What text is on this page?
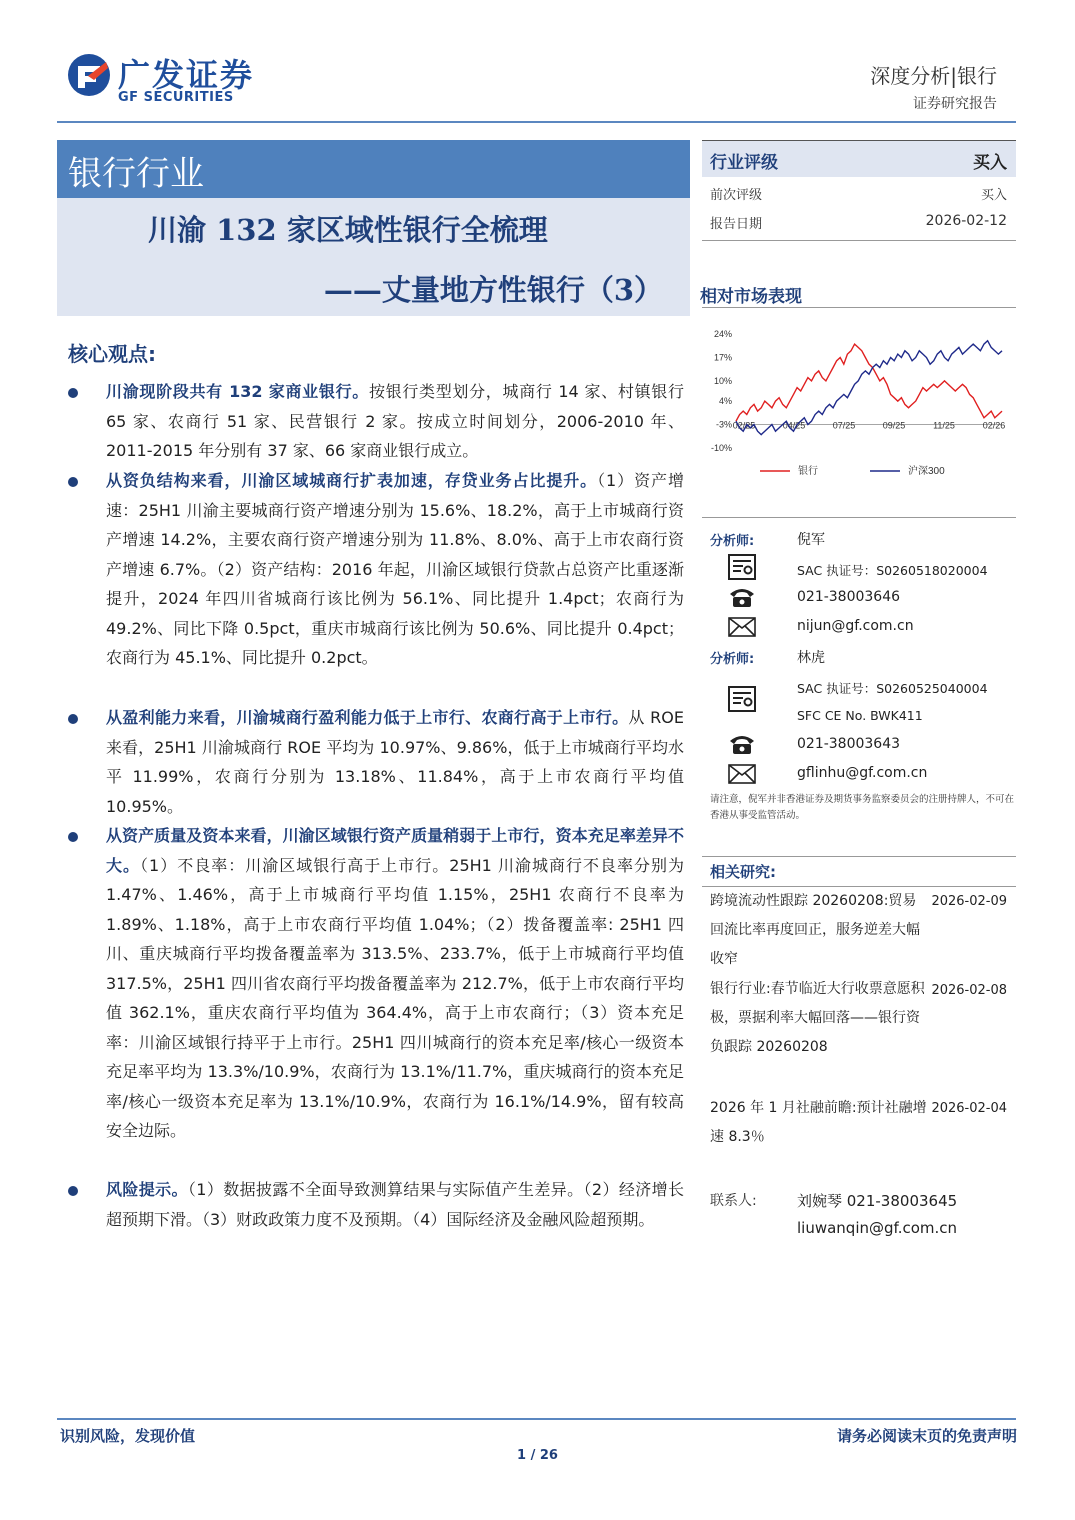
广发证券
GF SECURITIES
深度分析|银行
证券研究报告
银行行业
川渝 132 家区域性银行全梳理
——丈量地方性银行（3）
核心观点:
川渝现阶段共有 132 家商业银行。按银行类型划分，城商行 14 家、村镇银行 65 家、农商行 51 家、民营银行 2 家。按成立时间划分，2006-2010 年、2011-2015 年分别有 37 家、66 家商业银行成立。
从资负结构来看，川渝区域城商行扩表加速，存贷业务占比提升。（1）资产增速：25H1 川渝主要城商行资产增速分别为 15.6%、18.2%，高于上市城商行资产增速 14.2%，主要农商行资产增速分别为 11.8%、8.0%、高于上市农商行资产增速 6.7%。（2）资产结构：2016 年起，川渝区域银行贷款占总资产比重逐渐提升，2024 年四川省城商行该比例为 56.1%、同比提升 1.4pct；农商行为 49.2%、同比下降 0.5pct，重庆市城商行该比例为 50.6%、同比提升 0.4pct；农商行为 45.1%、同比提升 0.2pct。
从盈利能力来看，川渝城商行盈利能力低于上市行、农商行高于上市行。从 ROE 来看，25H1 川渝城商行 ROE 平均为 10.97%、9.86%，低于上市城商行平均水平 11.99%，农商行分别为 13.18%、11.84%，高于上市农商行平均值 10.95%。
从资产质量及资本来看，川渝区域银行资产质量稍弱于上市行，资本充足率差异不大。（1）不良率：川渝区域银行高于上市行。25H1 川渝城商行不良率分别为 1.47%、1.46%，高于上市城商行平均值 1.15%，25H1 农商行不良率为 1.89%、1.18%，高于上市农商行平均值 1.04%；（2）拨备覆盖率: 25H1 四川、重庆城商行平均拨备覆盖率为 313.5%、233.7%，低于上市城商行平均值 317.5%，25H1 四川省农商行平均拨备覆盖率为 212.7%，低于上市农商行平均值 362.1%，重庆农商行平均值为 364.4%，高于上市农商行；（3）资本充足率：川渝区域银行持平于上市行。25H1 四川城商行的资本充足率/核心一级资本充足率平均为 13.3%/10.9%，农商行为 13.1%/11.7%，重庆城商行的资本充足率/核心一级资本充足率为 13.1%/10.9%，农商行为 16.1%/14.9%，留有较高安全边际。
风险提示。（1）数据披露不全面导致测算结果与实际值产生差异。（2）经济增长超预期下滑。（3）财政政策力度不及预期。（4）国际经济及金融风险超预期。
行业评级	买入
前次评级	买入
报告日期	2026-02-12
相对市场表现
24%
17%
10%
4%
-3%
-10%
02/25	04/25	07/25	09/25	11/25	02/26
银行	沪深300
分析师:	倪军
SAC 执证号：S0260518020004
021-38003646
nijun@gf.com.cn
分析师:	林虎
SAC 执证号：S0260525040004
SFC CE No. BWK411
021-38003643
gflinhu@gf.com.cn
请注意，倪军并非香港证券及期货事务监察委员会的注册持牌人，不可在香港从事受监管活动。
相关研究:
跨境流动性跟踪 20260208:贸易回流比率再度回正，服务逆差大幅收窄
2026-02-09
银行行业:春节临近大行收票意愿积极，票据利率大幅回落——银行资负跟踪 20260208
2026-02-08
2026 年 1 月社融前瞻:预计社融增速 8.3％
2026-02-04
联系人:	刘婉琴 021-38003645
liuwanqin@gf.com.cn
识别风险，发现价值	请务必阅读末页的免责声明
1 / 26
